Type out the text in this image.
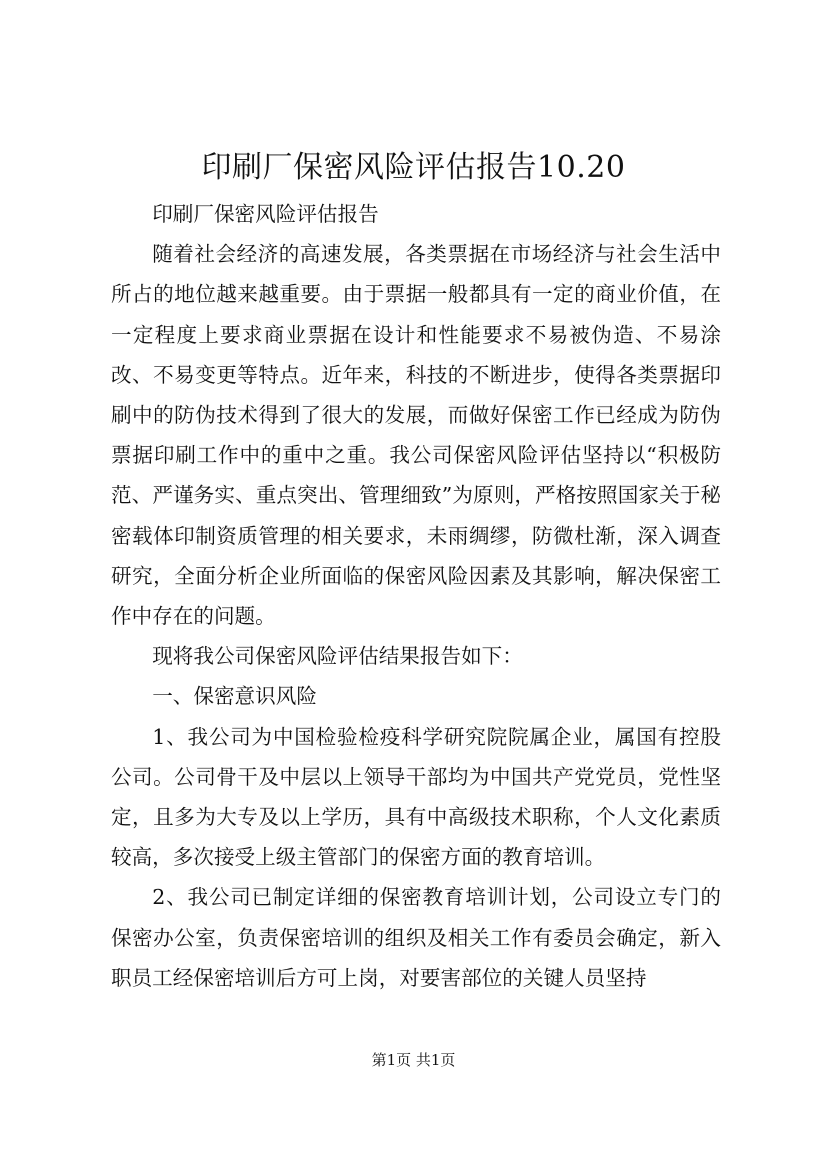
印刷厂保密风险评估报告10.20

印刷厂保密风险评估报告

随着社会经济的高速发展，各类票据在市场经济与社会生活中所占的地位越来越重要。由于票据一般都具有一定的商业价值，在一定程度上要求商业票据在设计和性能要求不易被伪造、不易涂改、不易变更等特点。近年来，科技的不断进步，使得各类票据印刷中的防伪技术得到了很大的发展，而做好保密工作已经成为防伪票据印刷工作中的重中之重。我公司保密风险评估坚持以“积极防范、严谨务实、重点突出、管理细致”为原则，严格按照国家关于秘密载体印制资质管理的相关要求，未雨绸缪，防微杜渐，深入调查研究，全面分析企业所面临的保密风险因素及其影响，解决保密工作中存在的问题。

现将我公司保密风险评估结果报告如下：

一、保密意识风险

1、我公司为中国检验检疫科学研究院院属企业，属国有控股公司。公司骨干及中层以上领导干部均为中国共产党党员，党性坚定，且多为大专及以上学历，具有中高级技术职称，个人文化素质较高，多次接受上级主管部门的保密方面的教育培训。

2、我公司已制定详细的保密教育培训计划，公司设立专门的保密办公室，负责保密培训的组织及相关工作有委员会确定，新入职员工经保密培训后方可上岗，对要害部位的关键人员坚持

第1页 共1页
